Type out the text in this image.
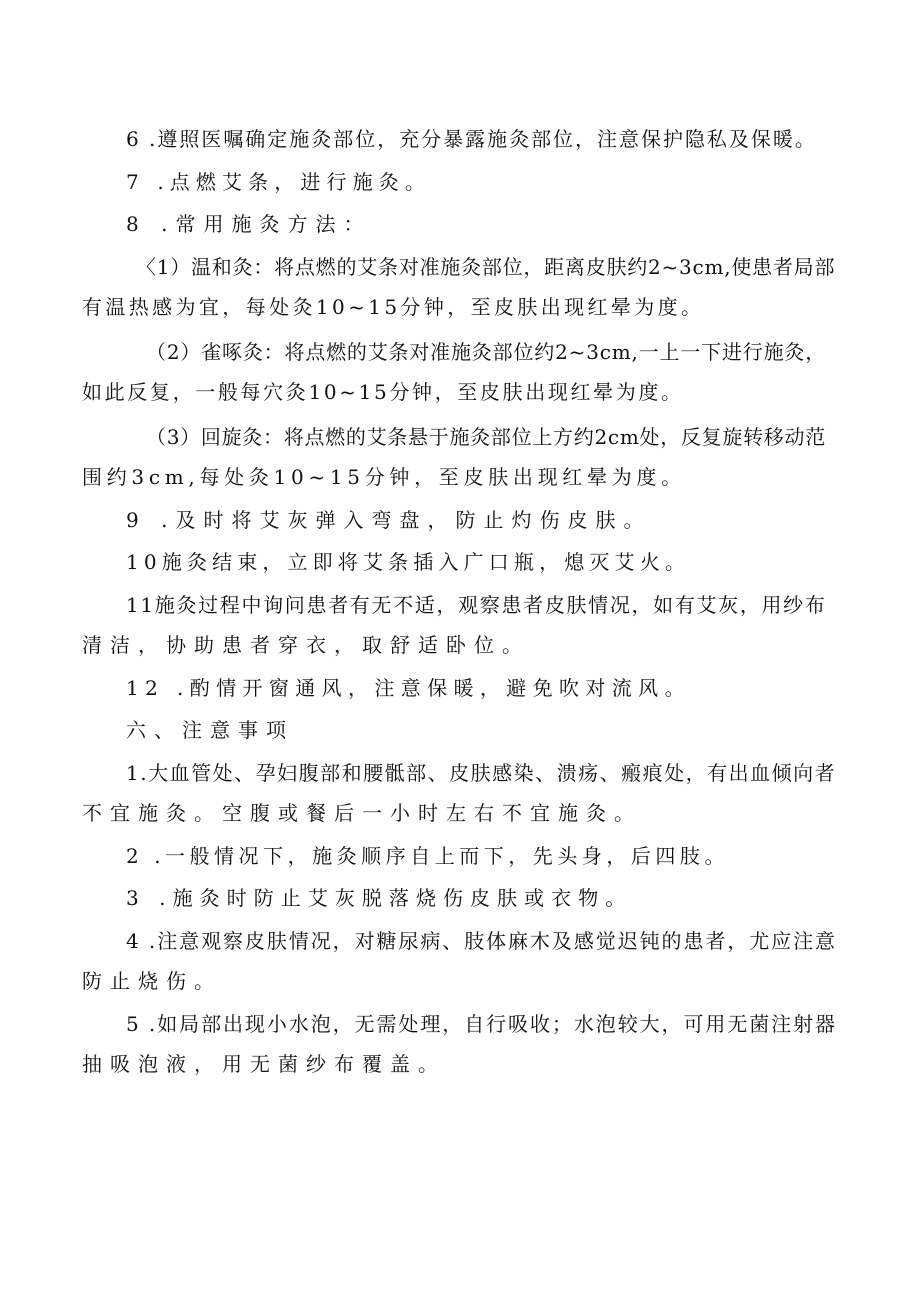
6 .遵照医嘱确定施灸部位，充分暴露施灸部位，注意保护隐私及保暖。
7 .点燃艾条，进行施灸。
8 .常用施灸方法：
〈1）温和灸：将点燃的艾条对准施灸部位，距离皮肤约2~3cm,使患者局部
有温热感为宜，每处灸10~15分钟，至皮肤出现红晕为度。
（2）雀啄灸：将点燃的艾条对准施灸部位约2~3cm,一上一下进行施灸，
如此反复，一般每穴灸10~15分钟，至皮肤出现红晕为度。
（3）回旋灸：将点燃的艾条悬于施灸部位上方约2cm处，反复旋转移动范
围约3cm,每处灸10~15分钟，至皮肤出现红晕为度。
9 .及时将艾灰弹入弯盘，防止灼伤皮肤。
10施灸结束，立即将艾条插入广口瓶，熄灭艾火。
11施灸过程中询问患者有无不适，观察患者皮肤情况，如有艾灰，用纱布
清洁，协助患者穿衣，取舒适卧位。
12 .酌情开窗通风，注意保暖，避免吹对流风。
六、注意事项
1.大血管处、孕妇腹部和腰骶部、皮肤感染、溃疡、瘢痕处，有出血倾向者
不宜施灸。空腹或餐后一小时左右不宜施灸。
2 .一般情况下，施灸顺序自上而下，先头身，后四肢。
3 .施灸时防止艾灰脱落烧伤皮肤或衣物。
4 .注意观察皮肤情况，对糖尿病、肢体麻木及感觉迟钝的患者，尤应注意
防止烧伤。
5 .如局部出现小水泡，无需处理，自行吸收；水泡较大，可用无菌注射器
抽吸泡液，用无菌纱布覆盖。
